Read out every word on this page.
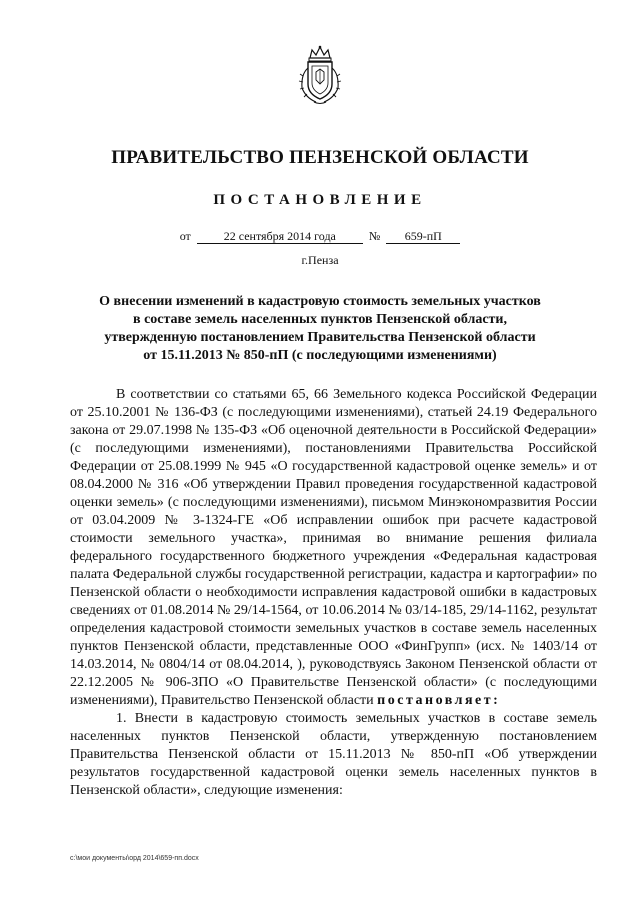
ПРАВИТЕЛЬСТВО ПЕНЗЕНСКОЙ ОБЛАСТИ
ПОСТАНОВЛЕНИЕ
от	22 сентября 2014 года	№ 659-пП
г.Пенза
О внесении изменений в кадастровую стоимость земельных участков
в составе земель населенных пунктов Пензенской области,
утвержденную постановлением Правительства Пензенской области
от 15.11.2013 № 850-пП (с последующими изменениями)

В соответствии со статьями 65, 66 Земельного кодекса Российской Федерации от 25.10.2001 № 136-ФЗ (с последующими изменениями), статьей 24.19 Федерального закона от 29.07.1998 № 135-ФЗ «Об оценочной деятельности в Российской Федерации» (с последующими изменениями), постановлениями Правительства Российской Федерации от 25.08.1999 № 945 «О государственной кадастровой оценке земель» и от 08.04.2000 № 316 «Об утверждении Правил проведения государственной кадастровой оценки земель» (с последующими изменениями), письмом Минэкономразвития России от 03.04.2009 № 3-1324-ГЕ «Об исправлении ошибок при расчете кадастровой стоимости земельного участка», принимая во внимание решения филиала федерального государственного бюджетного учреждения «Федеральная кадастровая палата Федеральной службы государственной регистрации, кадастра и картографии» по Пензенской области о необходимости исправления кадастровой ошибки в кадастровых сведениях от 01.08.2014 № 29/14-1564, от 10.06.2014 № 03/14-185, 29/14-1162, результат определения кадастровой стоимости земельных участков в составе земель населенных пунктов Пензенской области, представленные ООО «ФинГрупп» (исх. № 1403/14 от 14.03.2014, № 0804/14 от 08.04.2014, ), руководствуясь Законом Пензенской области от 22.12.2005 № 906-ЗПО «О Правительстве Пензенской области» (с последующими изменениями), Правительство Пензенской области постановляет:

1. Внести в кадастровую стоимость земельных участков в составе земель населенных пунктов Пензенской области, утвержденную постановлением Правительства Пензенской области от 15.11.2013 № 850-пП «Об утверждении результатов государственной кадастровой оценки земель населенных пунктов в Пензенской области», следующие изменения:

c:\мои документы\орд 2014\659-пп.docx
